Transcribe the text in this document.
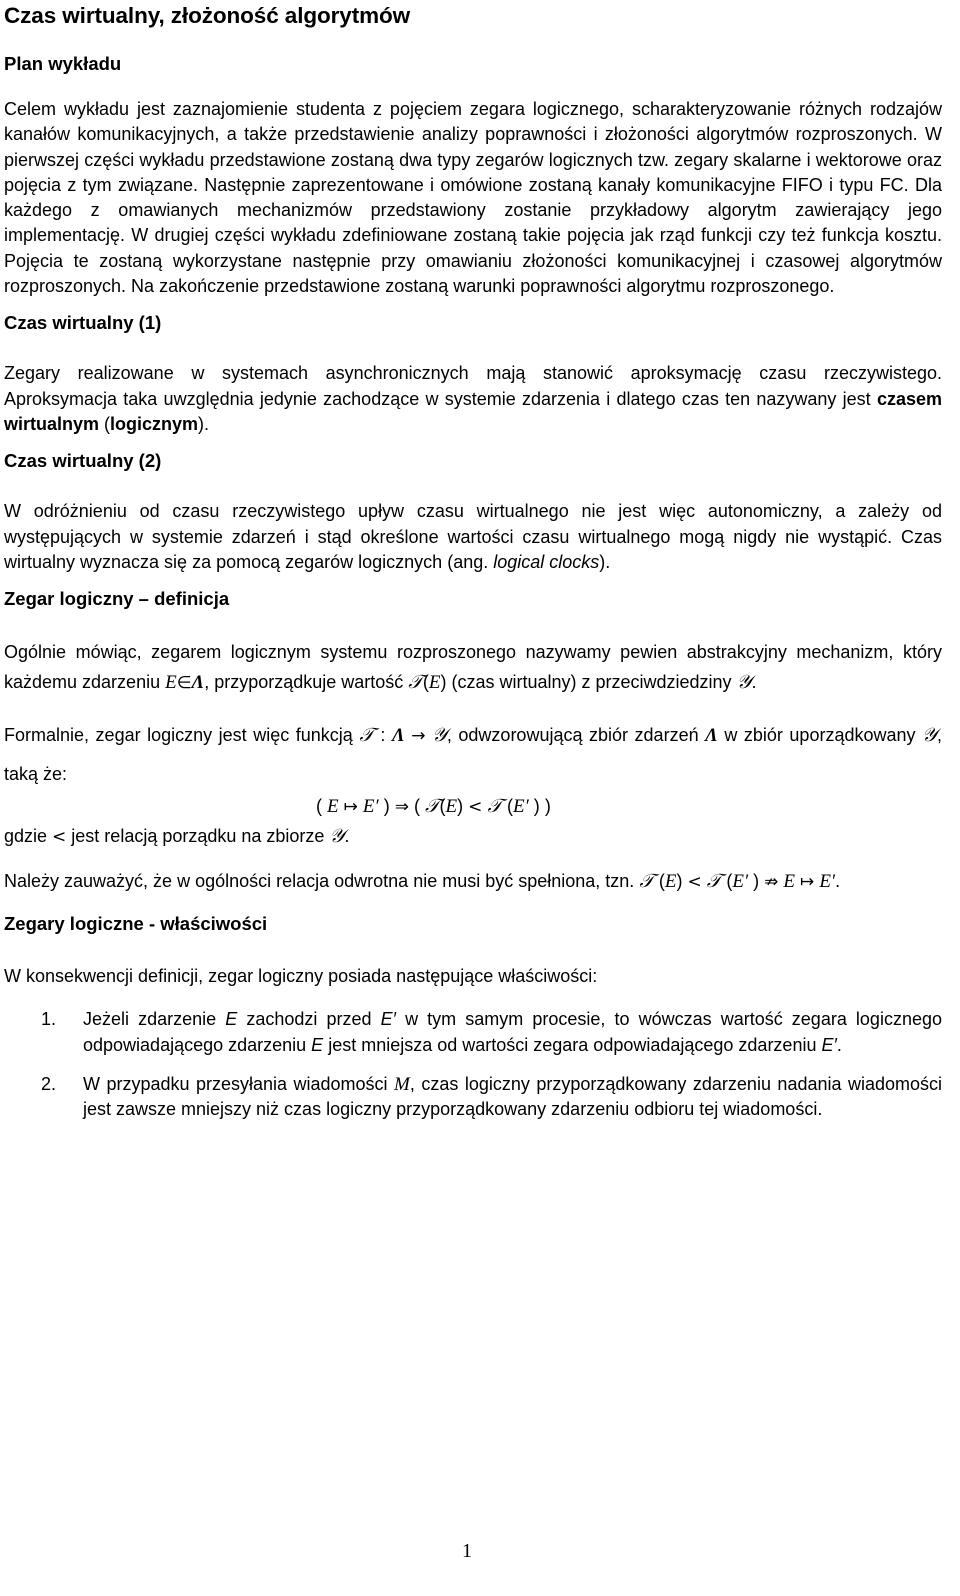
Czas wirtualny, złożoność algorytmów
Plan wykładu

Celem wykładu jest zaznajomienie studenta z pojęciem zegara logicznego, scharakteryzowanie różnych rodzajów kanałów komunikacyjnych, a także przedstawienie analizy poprawności i złożoności algorytmów rozproszonych. W pierwszej części wykładu przedstawione zostaną dwa typy zegarów logicznych tzw. zegary skalarne i wektorowe oraz pojęcia z tym związane. Następnie zaprezentowane i omówione zostaną kanały komunikacyjne FIFO i typu FC. Dla każdego z omawianych mechanizmów przedstawiony zostanie przykładowy algorytm zawierający jego implementację. W drugiej części wykładu zdefiniowane zostaną takie pojęcia jak rząd funkcji czy też funkcja kosztu. Pojęcia te zostaną wykorzystane następnie przy omawianiu złożoności komunikacyjnej i czasowej algorytmów rozproszonych. Na zakończenie przedstawione zostaną warunki poprawności algorytmu rozproszonego.

Czas wirtualny (1)

Zegary realizowane w systemach asynchronicznych mają stanowić aproksymację czasu rzeczywistego. Aproksymacja taka uwzględnia jedynie zachodzące w systemie zdarzenia i dlatego czas ten nazywany jest czasem wirtualnym (logicznym).

Czas wirtualny (2)

W odróżnieniu od czasu rzeczywistego upływ czasu wirtualnego nie jest więc autonomiczny, a zależy od występujących w systemie zdarzeń i stąd określone wartości czasu wirtualnego mogą nigdy nie wystąpić. Czas wirtualny wyznacza się za pomocą zegarów logicznych (ang. logical clocks).

Zegar logiczny – definicja

Ogólnie mówiąc, zegarem logicznym systemu rozproszonego nazywamy pewien abstrakcyjny mechanizm, który każdemu zdarzeniu E∈Λ, przyporządkuje wartość 𝒯(E) (czas wirtualny) z przeciwdziedziny 𝒴.

Formalnie, zegar logiczny jest więc funkcją 𝒯 : Λ → 𝒴, odwzorowującą zbiór zdarzeń Λ w zbiór uporządkowany 𝒴, taką że:

( E ↦ E′ ) ⇒ ( 𝒯(E) < 𝒯 (E′ ) )

gdzie < jest relacją porządku na zbiorze 𝒴.

Należy zauważyć, że w ogólności relacja odwrotna nie musi być spełniona, tzn. 𝒯 (E) < 𝒯 (E′ ) ⇏ E ↦ E′.

Zegary logiczne - właściwości

W konsekwencji definicji, zegar logiczny posiada następujące właściwości:

1. Jeżeli zdarzenie E zachodzi przed E′ w tym samym procesie, to wówczas wartość zegara logicznego odpowiadającego zdarzeniu E jest mniejsza od wartości zegara odpowiadającego zdarzeniu E′.
2. W przypadku przesyłania wiadomości M, czas logiczny przyporządkowany zdarzeniu nadania wiadomości jest zawsze mniejszy niż czas logiczny przyporządkowany zdarzeniu odbioru tej wiadomości.
1
